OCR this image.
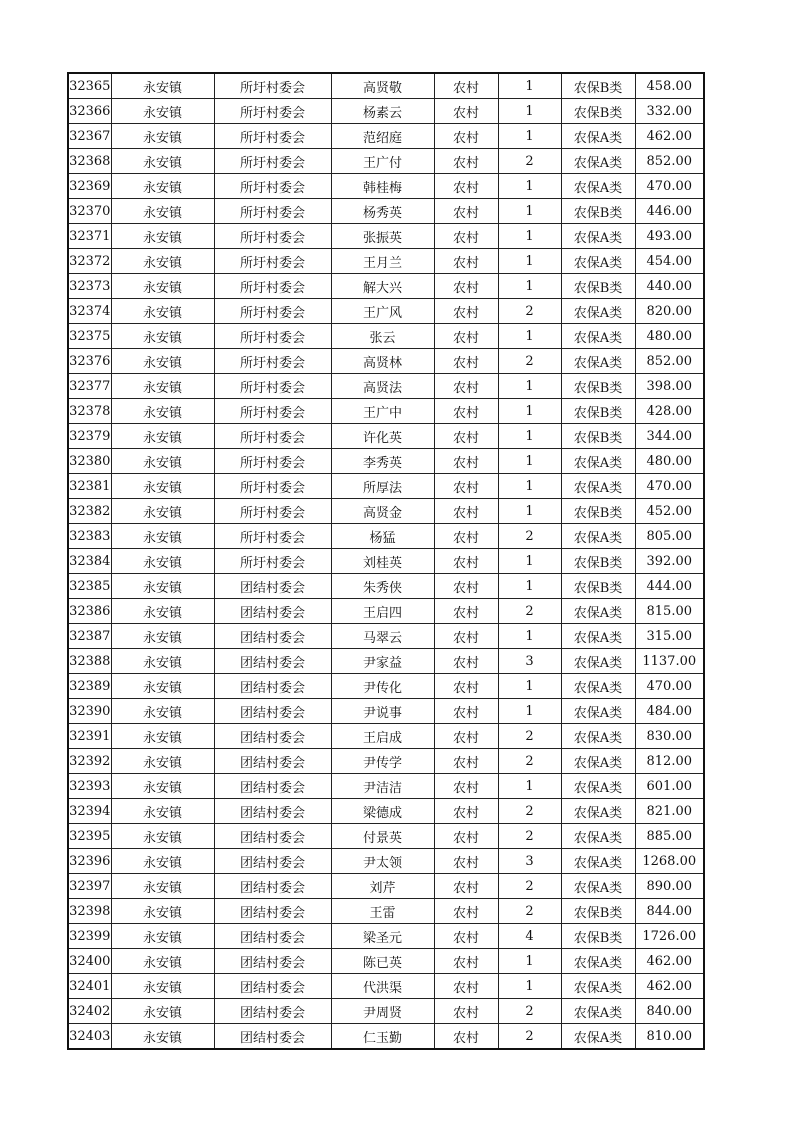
32365	永安镇	所圩村委会	高贤敬	农村	1	农保B类	458.00
32366	永安镇	所圩村委会	杨素云	农村	1	农保B类	332.00
32367	永安镇	所圩村委会	范绍庭	农村	1	农保A类	462.00
32368	永安镇	所圩村委会	王广付	农村	2	农保A类	852.00
32369	永安镇	所圩村委会	韩桂梅	农村	1	农保A类	470.00
32370	永安镇	所圩村委会	杨秀英	农村	1	农保B类	446.00
32371	永安镇	所圩村委会	张振英	农村	1	农保A类	493.00
32372	永安镇	所圩村委会	王月兰	农村	1	农保A类	454.00
32373	永安镇	所圩村委会	解大兴	农村	1	农保B类	440.00
32374	永安镇	所圩村委会	王广风	农村	2	农保A类	820.00
32375	永安镇	所圩村委会	张云	农村	1	农保A类	480.00
32376	永安镇	所圩村委会	高贤林	农村	2	农保A类	852.00
32377	永安镇	所圩村委会	高贤法	农村	1	农保B类	398.00
32378	永安镇	所圩村委会	王广中	农村	1	农保B类	428.00
32379	永安镇	所圩村委会	许化英	农村	1	农保B类	344.00
32380	永安镇	所圩村委会	李秀英	农村	1	农保A类	480.00
32381	永安镇	所圩村委会	所厚法	农村	1	农保A类	470.00
32382	永安镇	所圩村委会	高贤金	农村	1	农保B类	452.00
32383	永安镇	所圩村委会	杨猛	农村	2	农保A类	805.00
32384	永安镇	所圩村委会	刘桂英	农村	1	农保B类	392.00
32385	永安镇	团结村委会	朱秀侠	农村	1	农保B类	444.00
32386	永安镇	团结村委会	王启四	农村	2	农保A类	815.00
32387	永安镇	团结村委会	马翠云	农村	1	农保A类	315.00
32388	永安镇	团结村委会	尹家益	农村	3	农保A类	1137.00
32389	永安镇	团结村委会	尹传化	农村	1	农保A类	470.00
32390	永安镇	团结村委会	尹说事	农村	1	农保A类	484.00
32391	永安镇	团结村委会	王启成	农村	2	农保A类	830.00
32392	永安镇	团结村委会	尹传学	农村	2	农保A类	812.00
32393	永安镇	团结村委会	尹洁洁	农村	1	农保A类	601.00
32394	永安镇	团结村委会	梁德成	农村	2	农保A类	821.00
32395	永安镇	团结村委会	付景英	农村	2	农保A类	885.00
32396	永安镇	团结村委会	尹太领	农村	3	农保A类	1268.00
32397	永安镇	团结村委会	刘芹	农村	2	农保A类	890.00
32398	永安镇	团结村委会	王雷	农村	2	农保B类	844.00
32399	永安镇	团结村委会	梁圣元	农村	4	农保B类	1726.00
32400	永安镇	团结村委会	陈已英	农村	1	农保A类	462.00
32401	永安镇	团结村委会	代洪渠	农村	1	农保A类	462.00
32402	永安镇	团结村委会	尹周贤	农村	2	农保A类	840.00
32403	永安镇	团结村委会	仁玉勤	农村	2	农保A类	810.00
